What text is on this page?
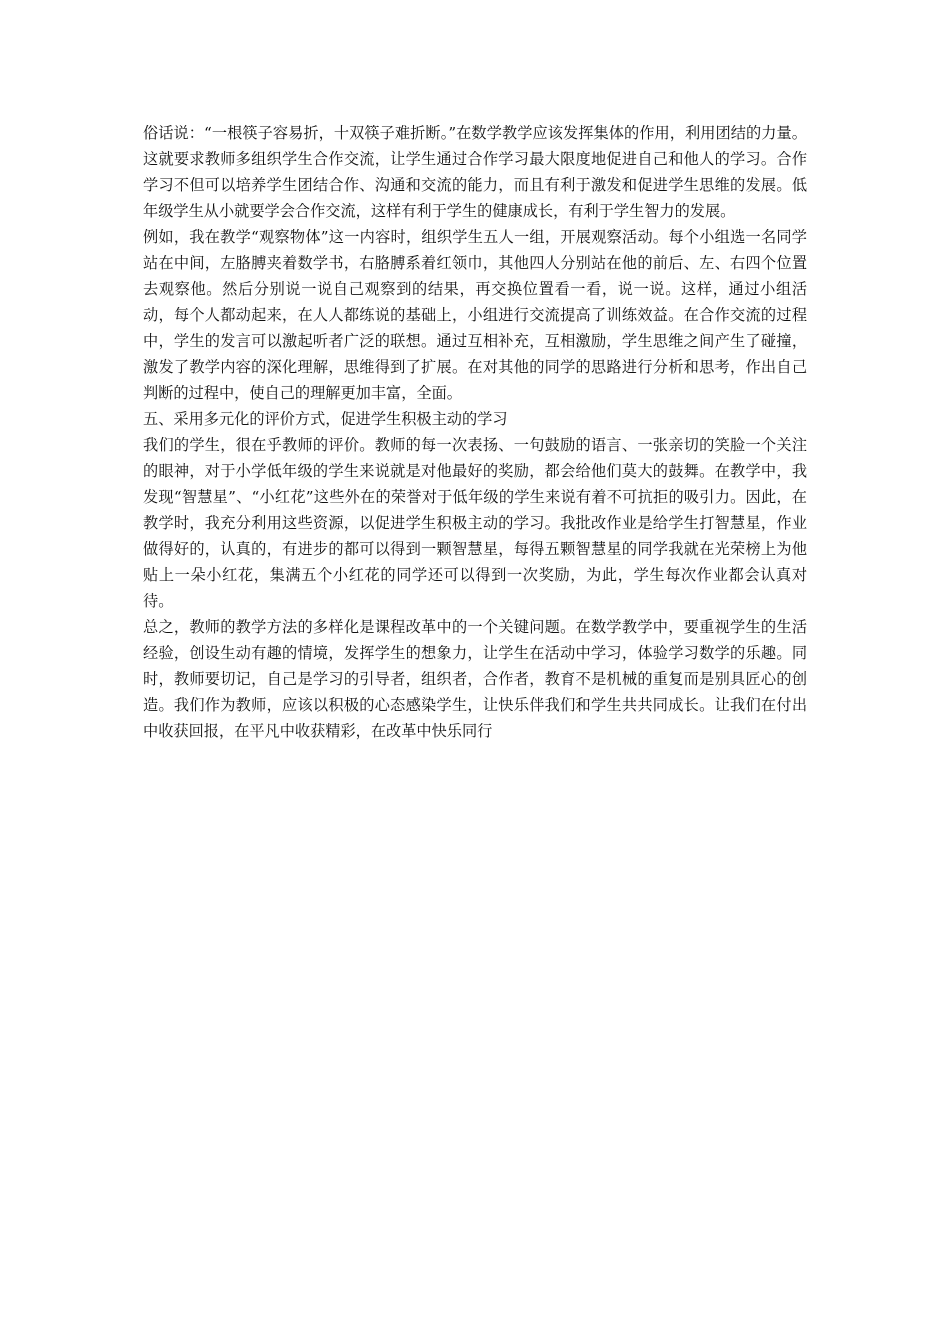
俗话说：“一根筷子容易折，十双筷子难折断。”在数学教学应该发挥集体的作用，利用团结的力量。这就要求教师多组织学生合作交流，让学生通过合作学习最大限度地促进自己和他人的学习。合作学习不但可以培养学生团结合作、沟通和交流的能力，而且有利于激发和促进学生思维的发展。低年级学生从小就要学会合作交流，这样有利于学生的健康成长，有利于学生智力的发展。

例如，我在教学“观察物体”这一内容时，组织学生五人一组，开展观察活动。每个小组选一名同学站在中间，左胳膊夹着数学书，右胳膊系着红领巾，其他四人分别站在他的前后、左、右四个位置去观察他。然后分别说一说自己观察到的结果，再交换位置看一看，说一说。这样，通过小组活动，每个人都动起来，在人人都练说的基础上，小组进行交流提高了训练效益。在合作交流的过程中，学生的发言可以激起听者广泛的联想。通过互相补充，互相激励，学生思维之间产生了碰撞，激发了教学内容的深化理解，思维得到了扩展。在对其他的同学的思路进行分析和思考，作出自己判断的过程中，使自己的理解更加丰富，全面。

五、采用多元化的评价方式，促进学生积极主动的学习

我们的学生，很在乎教师的评价。教师的每一次表扬、一句鼓励的语言、一张亲切的笑脸一个关注的眼神，对于小学低年级的学生来说就是对他最好的奖励，都会给他们莫大的鼓舞。在教学中，我发现“智慧星”、“小红花”这些外在的荣誉对于低年级的学生来说有着不可抗拒的吸引力。因此，在教学时，我充分利用这些资源，以促进学生积极主动的学习。我批改作业是给学生打智慧星，作业做得好的，认真的，有进步的都可以得到一颗智慧星，每得五颗智慧星的同学我就在光荣榜上为他贴上一朵小红花，集满五个小红花的同学还可以得到一次奖励，为此，学生每次作业都会认真对待。

总之，教师的教学方法的多样化是课程改革中的一个关键问题。在数学教学中，要重视学生的生活经验，创设生动有趣的情境，发挥学生的想象力，让学生在活动中学习，体验学习数学的乐趣。同时，教师要切记，自己是学习的引导者，组织者，合作者，教育不是机械的重复而是别具匠心的创造。我们作为教师，应该以积极的心态感染学生，让快乐伴我们和学生共共同成长。让我们在付出中收获回报，在平凡中收获精彩，在改革中快乐同行
